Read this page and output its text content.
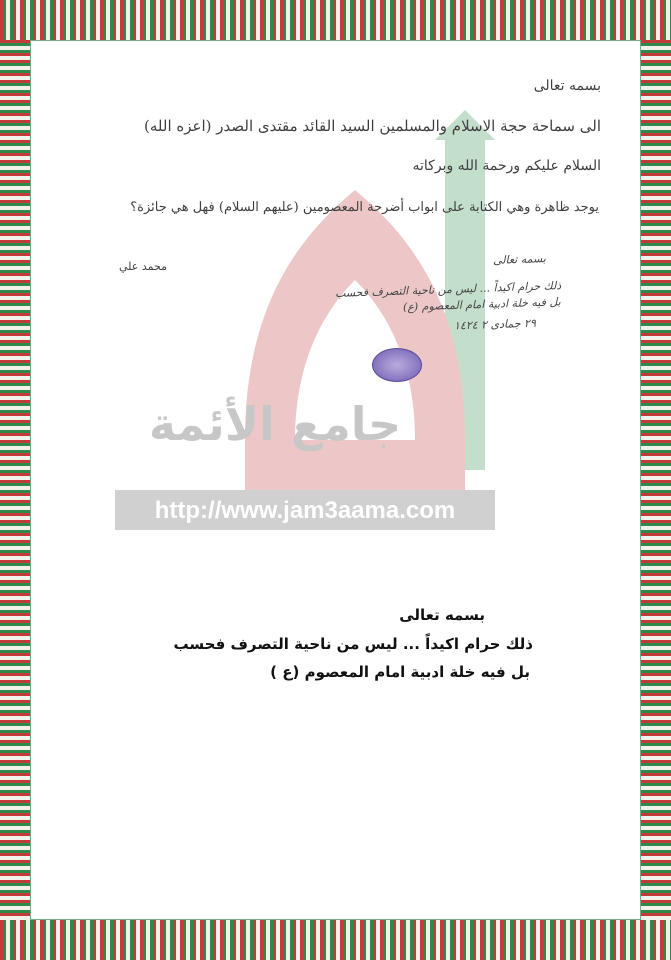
http://www.jam3aama.com
جامع الأئمة

بسمه تعالى

الى سماحة حجة الاسلام والمسلمين السيد القائد مقتدى الصدر (اعزه الله)

السلام عليكم ورحمة الله وبركاته

يوجد ظاهرة وهي الكتابة على ابواب أضرحة المعصومين (عليهم السلام) فهل هي جائزة؟

محمد علي	بسمه تعالى

ذلك حرام اكيداً ... ليس من ناحية التصرف فحسب

بل فيه خلة ادبية امام المعصوم (ع)

٢٩ جمادى ٢ ١٤٢٤

بسمه تعالى

ذلك حرام اكيداً ... ليس من ناحية التصرف فحسب

بل فيه خلة ادبية امام المعصوم (ع )
